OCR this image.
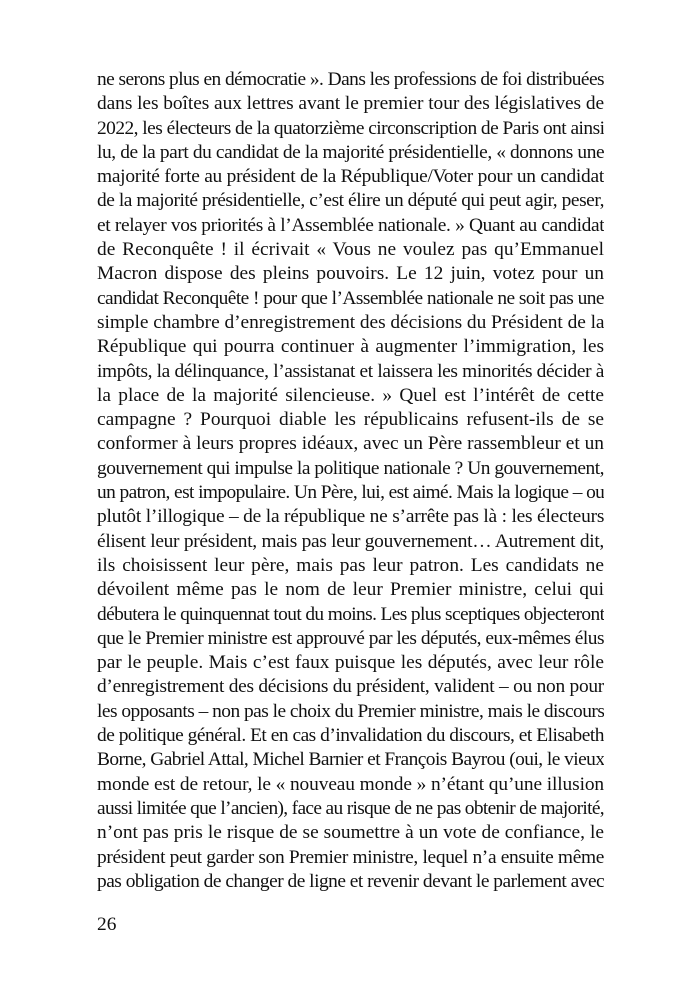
ne serons plus en démocratie ». Dans les professions de foi distribuées
dans les boîtes aux lettres avant le premier tour des législatives de
2022, les électeurs de la quatorzième circonscription de Paris ont ainsi
lu, de la part du candidat de la majorité présidentielle, « donnons une
majorité forte au président de la République/Voter pour un candidat
de la majorité présidentielle, c’est élire un député qui peut agir, peser,
et relayer vos priorités à l’Assemblée nationale. » Quant au candidat
de Reconquête ! il écrivait « Vous ne voulez pas qu’Emmanuel
Macron dispose des pleins pouvoirs. Le 12 juin, votez pour un
candidat Reconquête ! pour que l’Assemblée nationale ne soit pas une
simple chambre d’enregistrement des décisions du Président de la
République qui pourra continuer à augmenter l’immigration, les
impôts, la délinquance, l’assistanat et laissera les minorités décider à
la place de la majorité silencieuse. » Quel est l’intérêt de cette
campagne ? Pourquoi diable les républicains refusent-ils de se
conformer à leurs propres idéaux, avec un Père rassembleur et un
gouvernement qui impulse la politique nationale ? Un gouvernement,
un patron, est impopulaire. Un Père, lui, est aimé. Mais la logique – ou
plutôt l’illogique – de la république ne s’arrête pas là : les électeurs
élisent leur président, mais pas leur gouvernement… Autrement dit,
ils choisissent leur père, mais pas leur patron. Les candidats ne
dévoilent même pas le nom de leur Premier ministre, celui qui
débutera le quinquennat tout du moins. Les plus sceptiques objecteront
que le Premier ministre est approuvé par les députés, eux-mêmes élus
par le peuple. Mais c’est faux puisque les députés, avec leur rôle
d’enregistrement des décisions du président, valident – ou non pour
les opposants – non pas le choix du Premier ministre, mais le discours
de politique général. Et en cas d’invalidation du discours, et Elisabeth
Borne, Gabriel Attal, Michel Barnier et François Bayrou (oui, le vieux
monde est de retour, le « nouveau monde » n’étant qu’une illusion
aussi limitée que l’ancien), face au risque de ne pas obtenir de majorité,
n’ont pas pris le risque de se soumettre à un vote de confiance, le
président peut garder son Premier ministre, lequel n’a ensuite même
pas obligation de changer de ligne et revenir devant le parlement avec
26
